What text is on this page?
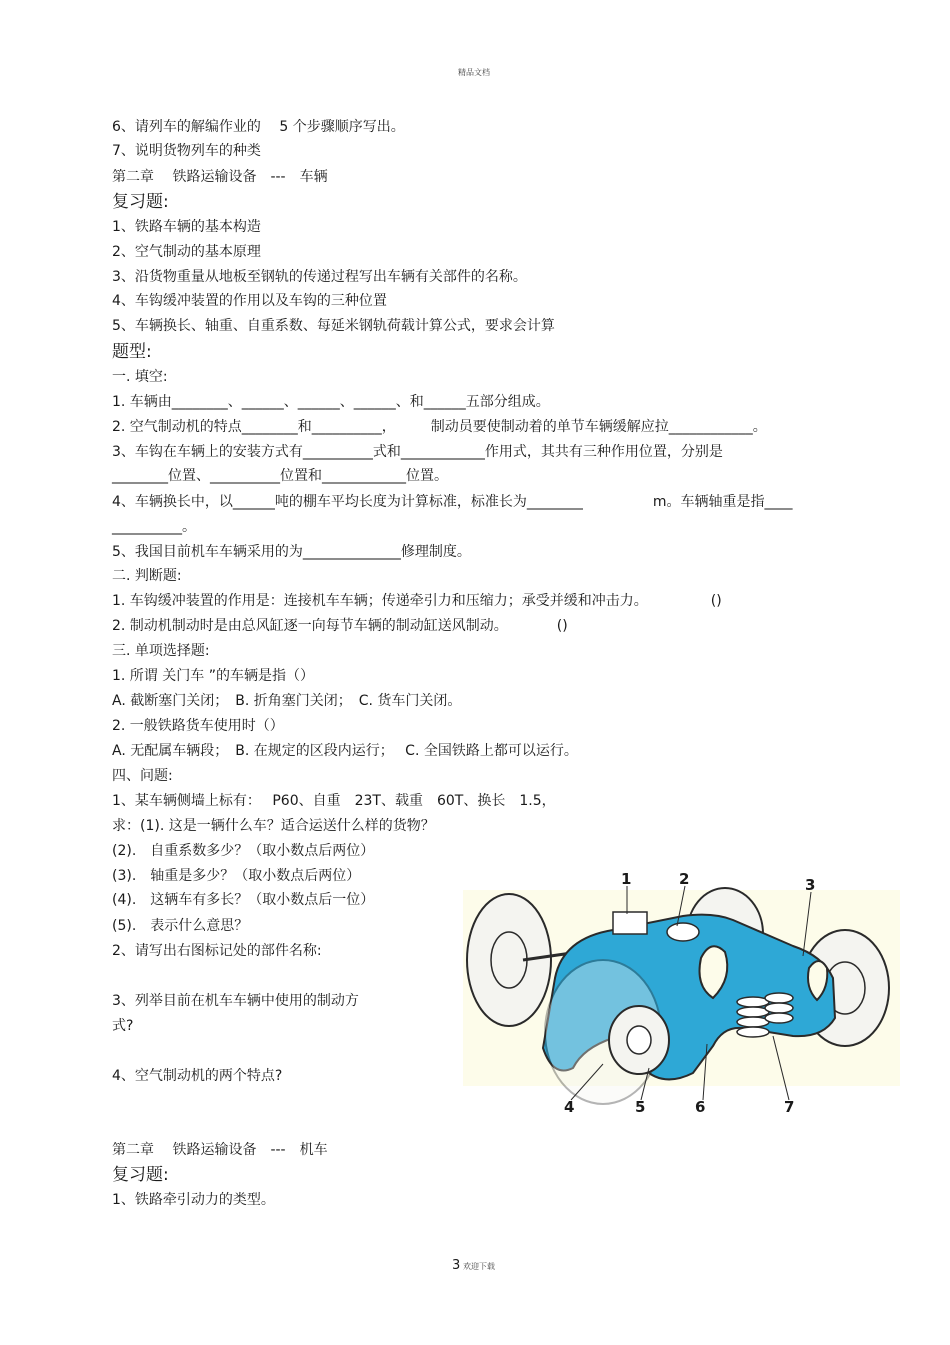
精品文档
6、请列车的解编作业的　 5 个步骤顺序写出。
7、说明货物列车的种类
第二章　 铁路运输设备　---　车辆
复习题:
1、铁路车辆的基本构造
2、空气制动的基本原理
3、沿货物重量从地板至钢轨的传递过程写出车辆有关部件的名称。
4、车钩缓冲装置的作用以及车钩的三种位置
5、车辆换长、轴重、自重系数、每延米钢轨荷载计算公式，要求会计算
题型:
一. 填空:
1. 车辆由________、______、______、______、和______五部分组成。
2. 空气制动机的特点________和__________，　　　制动员要使制动着的单节车辆缓解应拉____________。
3、车钩在车辆上的安装方式有__________式和____________作用式，其共有三种作用位置，分别是
________位置、__________位置和____________位置。
4、车辆换长中，以______吨的棚车平均长度为计算标准，标准长为________　　　　　m。车辆轴重是指____
__________。
5、我国目前机车车辆采用的为______________修理制度。
二. 判断题:
1. 车钩缓冲装置的作用是：连接机车车辆；传递牵引力和压缩力；承受并缓和冲击力。　　　　　()
2. 制动机制动时是由总风缸逐一向每节车辆的制动缸送风制动。　　　　()
三. 单项选择题:
1. 所谓 关门车 ”的车辆是指（）
A. 截断塞门关闭；　B. 折角塞门关闭；　C. 货车门关闭。
2. 一般铁路货车使用时（）
A. 无配属车辆段；　B. 在规定的区段内运行；　 C. 全国铁路上都可以运行。
四、问题:
1、某车辆侧墙上标有：　 P60、自重　23T、载重　60T、换长　1.5，
求：(1). 这是一辆什么车？适合运送什么样的货物？
(2).　自重系数多少？（取小数点后两位）
(3).　轴重是多少？（取小数点后两位）
(4).　这辆车有多长？（取小数点后一位）
(5).　表示什么意思？
2、请写出右图标记处的部件名称:
3、列举目前在机车车辆中使用的制动方
式?
4、空气制动机的两个特点?
第二章　 铁路运输设备　---　机车
复习题:
1、铁路牵引动力的类型。
1	2	3
4	5	6	7
3 欢迎下载
